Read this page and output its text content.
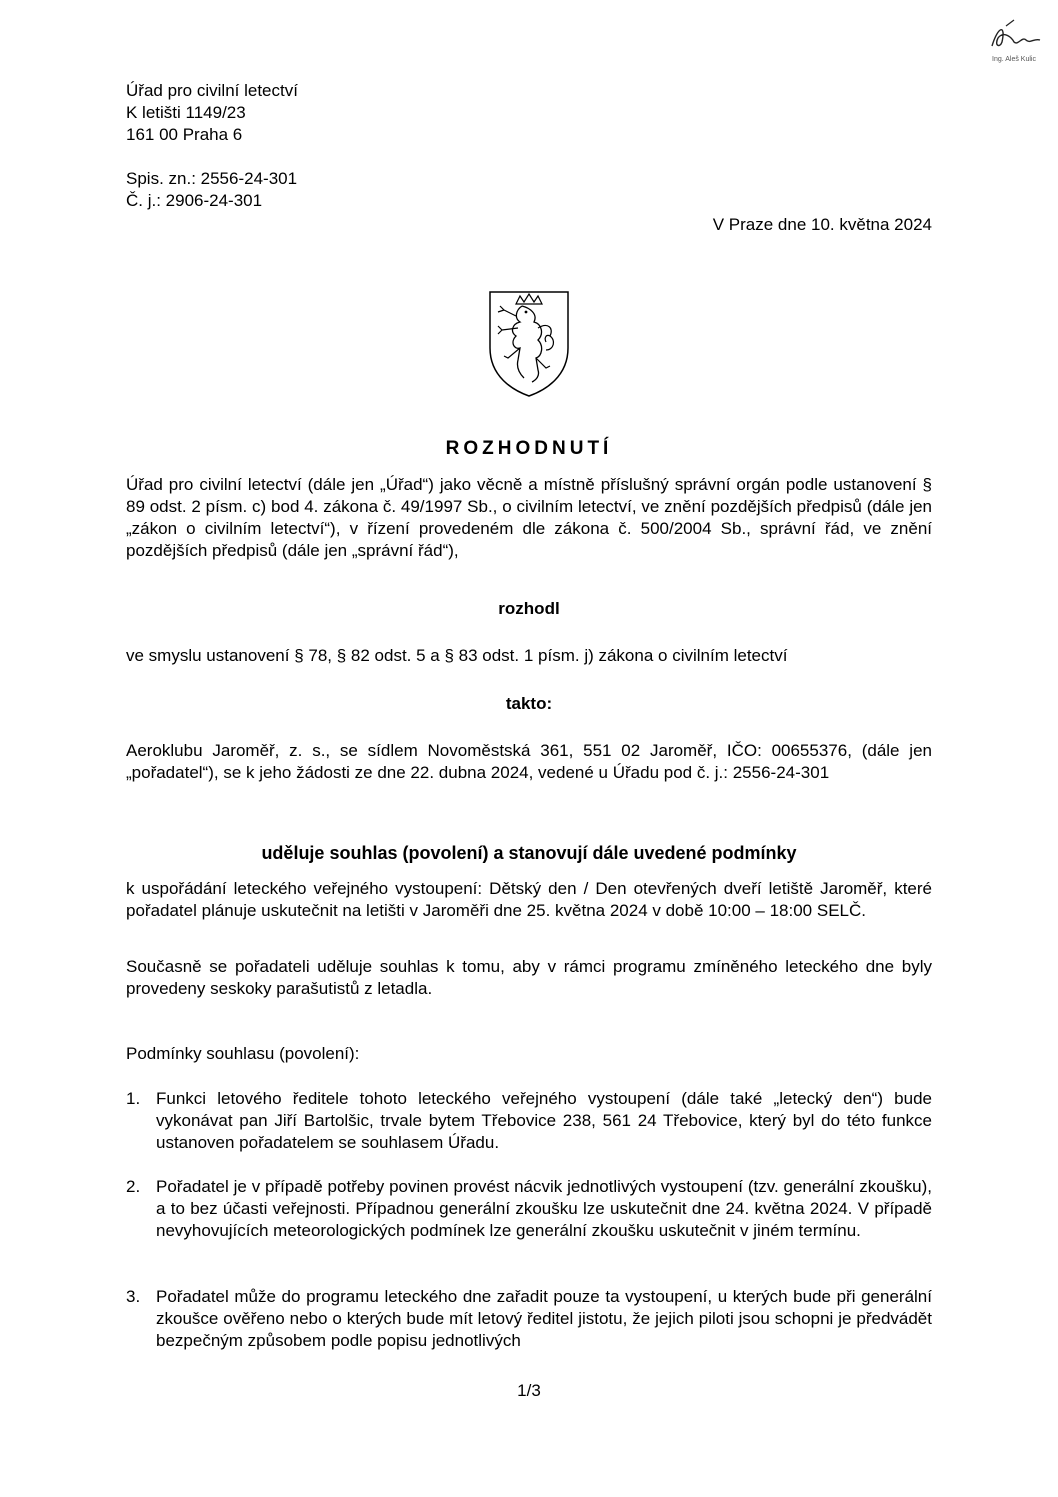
Ing. Aleš Kulic
Úřad pro civilní letectví
K letišti 1149/23
161 00 Praha 6
Spis. zn.: 2556-24-301
Č. j.: 2906-24-301
V Praze dne 10. května 2024
ROZHODNUTÍ

Úřad pro civilní letectví (dále jen „Úřad“) jako věcně a místně příslušný správní orgán podle ustanovení § 89 odst. 2 písm. c) bod 4. zákona č. 49/1997 Sb., o civilním letectví, ve znění pozdějších předpisů (dále jen „zákon o civilním letectví“), v řízení provedeném dle zákona č. 500/2004 Sb., správní řád, ve znění pozdějších předpisů (dále jen „správní řád“),

rozhodl

ve smyslu ustanovení § 78, § 82 odst. 5 a § 83 odst. 1 písm. j) zákona o civilním letectví

takto:

Aeroklubu Jaroměř, z. s., se sídlem Novoměstská 361, 551 02 Jaroměř, IČO: 00655376, (dále jen „pořadatel“), se k jeho žádosti ze dne 22. dubna 2024, vedené u Úřadu pod č. j.: 2556-24-301

uděluje souhlas (povolení) a stanovují dále uvedené podmínky

k uspořádání leteckého veřejného vystoupení: Dětský den / Den otevřených dveří letiště Jaroměř, které pořadatel plánuje uskutečnit na letišti v Jaroměři dne 25. května 2024 v době 10:00 – 18:00 SELČ.

Současně se pořadateli uděluje souhlas k tomu, aby v rámci programu zmíněného leteckého dne byly provedeny seskoky parašutistů z letadla.

Podmínky souhlasu (povolení):

1. Funkci letového ředitele tohoto leteckého veřejného vystoupení (dále také „letecký den“) bude vykonávat pan Jiří Bartolšic, trvale bytem Třebovice 238, 561 24 Třebovice, který byl do této funkce ustanoven pořadatelem se souhlasem Úřadu.
2. Pořadatel je v případě potřeby povinen provést nácvik jednotlivých vystoupení (tzv. generální zkoušku), a to bez účasti veřejnosti. Případnou generální zkoušku lze uskutečnit dne 24. května 2024. V případě nevyhovujících meteorologických podmínek lze generální zkoušku uskutečnit v jiném termínu.
3. Pořadatel může do programu leteckého dne zařadit pouze ta vystoupení, u kterých bude při generální zkoušce ověřeno nebo o kterých bude mít letový ředitel jistotu, že jejich piloti jsou schopni je předvádět bezpečným způsobem podle popisu jednotlivých
1/3
